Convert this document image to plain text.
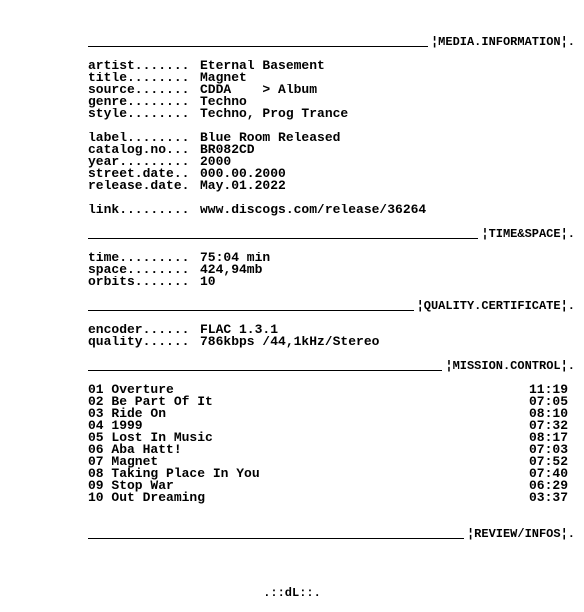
¦MEDIA.INFORMATION¦.
artist....... Eternal Basement
title........ Magnet
source....... CDDA    > Album
genre........ Techno
style........ Techno, Prog Trance
label........ Blue Room Released
catalog.no... BR082CD
year......... 2000
street.date.. 000.00.2000
release.date. May.01.2022
link......... www.discogs.com/release/36264
¦TIME&SPACE¦.
time......... 75:04 min
space........ 424,94mb
orbits....... 10
¦QUALITY.CERTIFICATE¦.
encoder...... FLAC 1.3.1
quality...... 786kbps /44,1kHz/Stereo
¦MISSION.CONTROL¦.
01 Overture	11:19
02 Be Part Of It	07:05
03 Ride On	08:10
04 1999	07:32
05 Lost In Music	08:17
06 Aba Hatt!	07:03
07 Magnet	07:52
08 Taking Place In You	07:40
09 Stop War	06:29
10 Out Dreaming	03:37
¦REVIEW/INFOS¦.
.::dL::.
